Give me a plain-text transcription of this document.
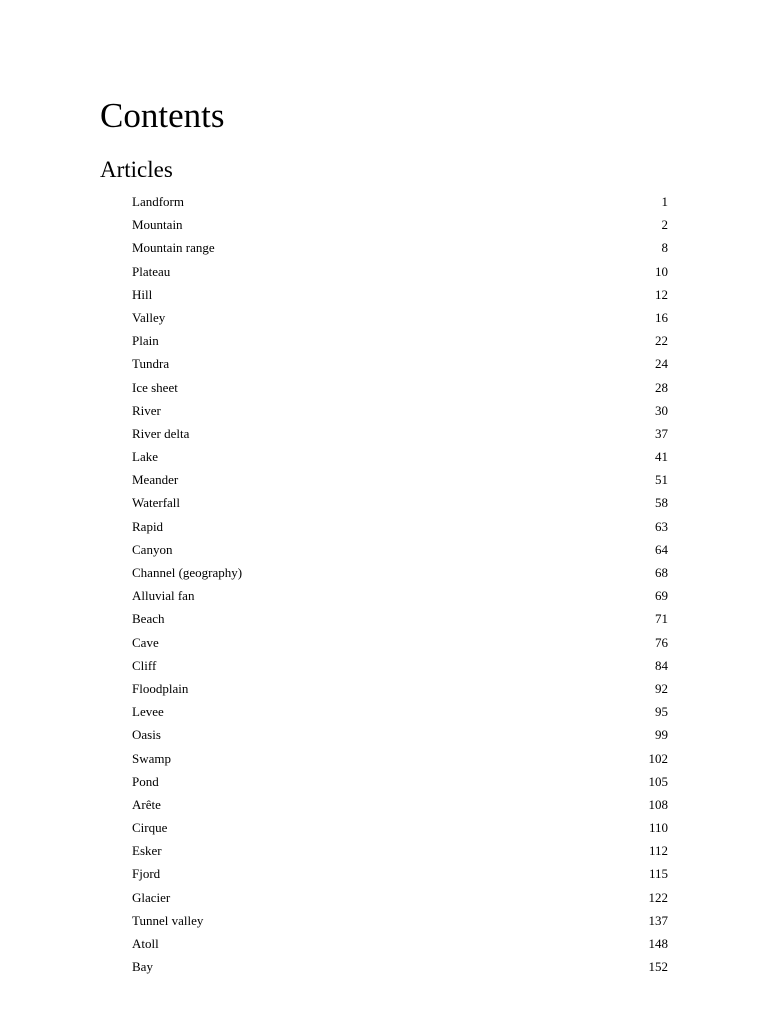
Contents
Articles
Landform	1
Mountain	2
Mountain range	8
Plateau	10
Hill	12
Valley	16
Plain	22
Tundra	24
Ice sheet	28
River	30
River delta	37
Lake	41
Meander	51
Waterfall	58
Rapid	63
Canyon	64
Channel (geography)	68
Alluvial fan	69
Beach	71
Cave	76
Cliff	84
Floodplain	92
Levee	95
Oasis	99
Swamp	102
Pond	105
Arête	108
Cirque	110
Esker	112
Fjord	115
Glacier	122
Tunnel valley	137
Atoll	148
Bay	152
